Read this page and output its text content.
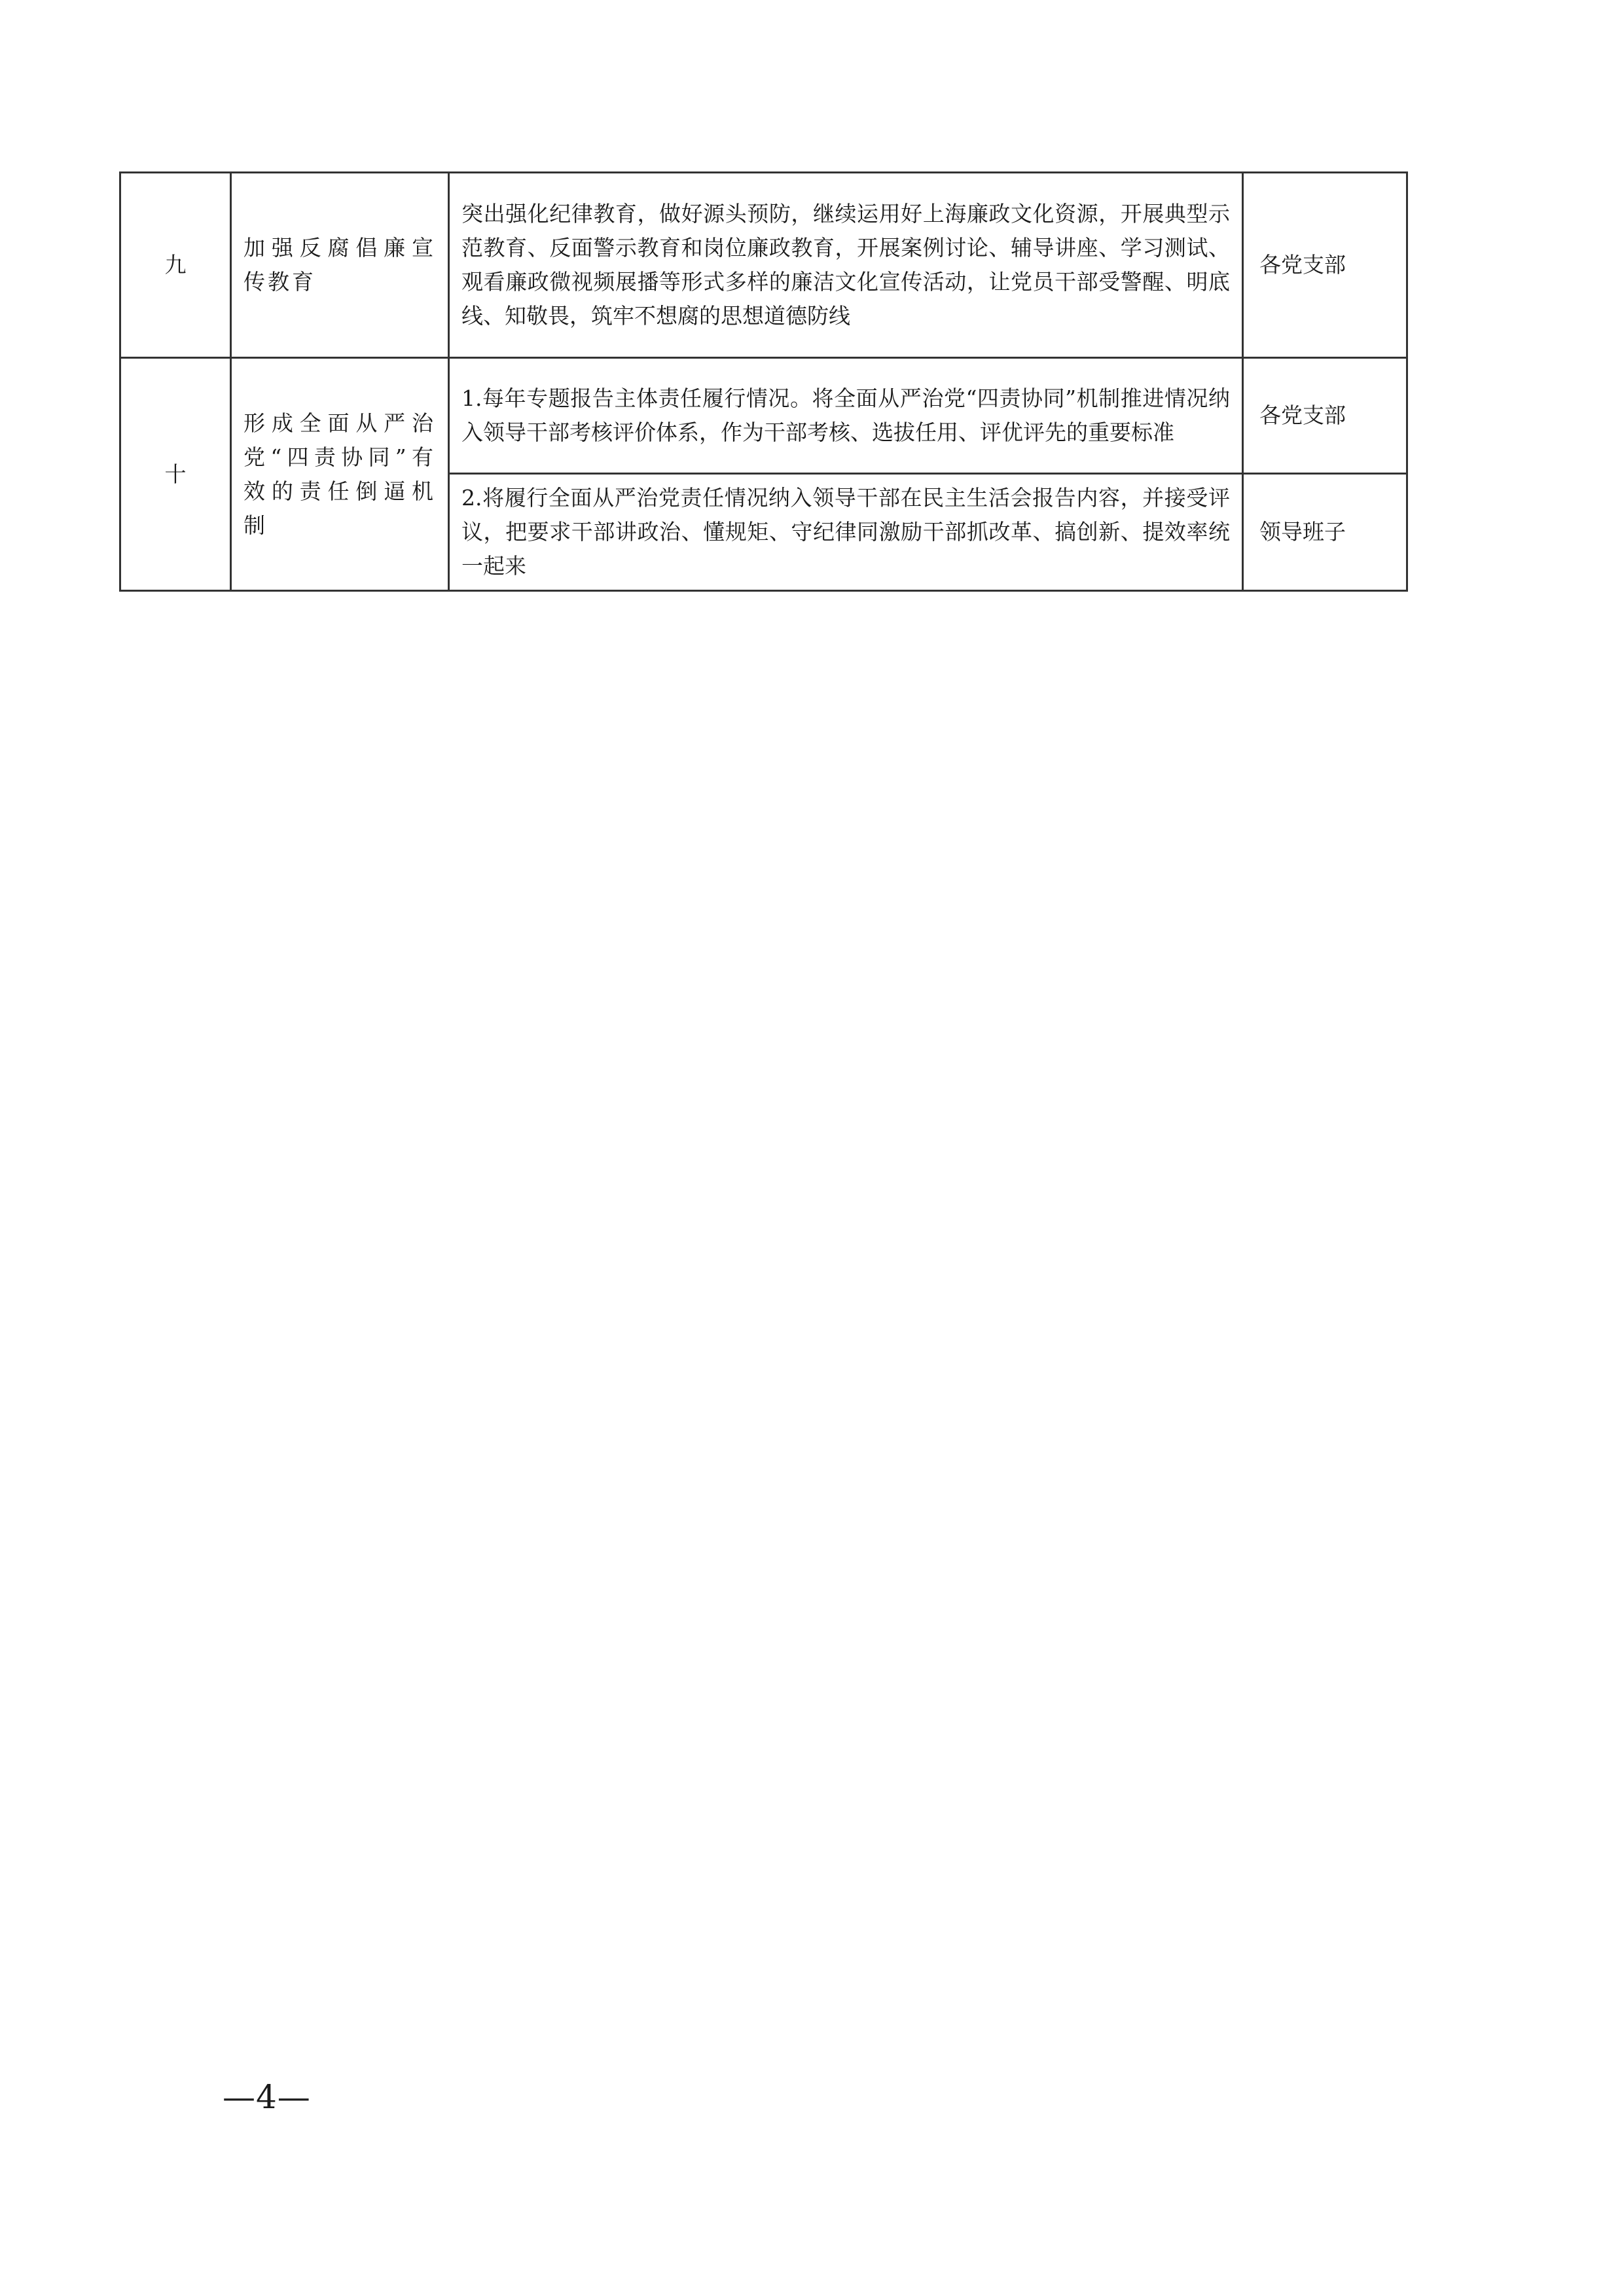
九	加强反腐倡廉宣传教育	突出强化纪律教育，做好源头预防，继续运用好上海廉政文化资源，开展典型示范教育、反面警示教育和岗位廉政教育，开展案例讨论、辅导讲座、学习测试、观看廉政微视频展播等形式多样的廉洁文化宣传活动，让党员干部受警醒、明底线、知敬畏，筑牢不想腐的思想道德防线	各党支部
十	形成全面从严治党“四责协同”有效的责任倒逼机制	1.每年专题报告主体责任履行情况。将全面从严治党“四责协同”机制推进情况纳入领导干部考核评价体系，作为干部考核、选拔任用、评优评先的重要标准	各党支部
		2.将履行全面从严治党责任情况纳入领导干部在民主生活会报告内容，并接受评议，把要求干部讲政治、懂规矩、守纪律同激励干部抓改革、搞创新、提效率统一起来	领导班子
—4—
